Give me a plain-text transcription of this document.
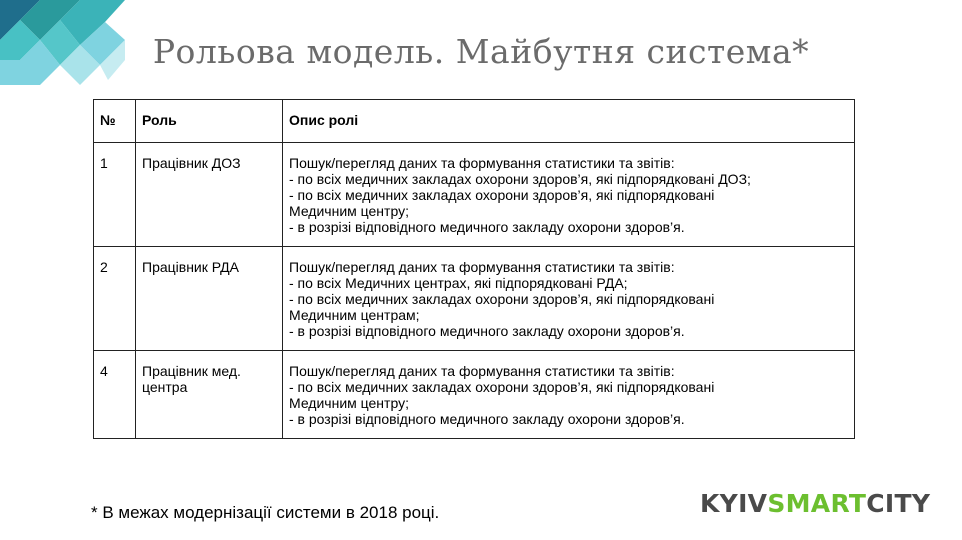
Рольова модель. Майбутня система*
№	Роль	Опис ролі
1	Працівник ДОЗ	Пошук/перегляд даних та формування статистики та звітів:
- по всіх медичних закладах охорони здоров’я, які підпорядковані ДОЗ;
- по всіх медичних закладах охорони здоров’я, які підпорядковані
Медичним центру;
- в розрізі відповідного медичного закладу охорони здоров’я.

2	Працівник РДА	Пошук/перегляд даних та формування статистики та звітів:
- по всіх Медичних центрах, які підпорядковані РДА;
- по всіх медичних закладах охорони здоров’я, які підпорядковані
Медичним центрам;
- в розрізі відповідного медичного закладу охорони здоров’я.

4	Працівник мед. центра	Пошук/перегляд даних та формування статистики та звітів:
- по всіх медичних закладах охорони здоров’я, які підпорядковані
Медичним центру;
- в розрізі відповідного медичного закладу охорони здоров’я.
* В межах модернізації системи в 2018 році.	KYIVSMARTCITY
